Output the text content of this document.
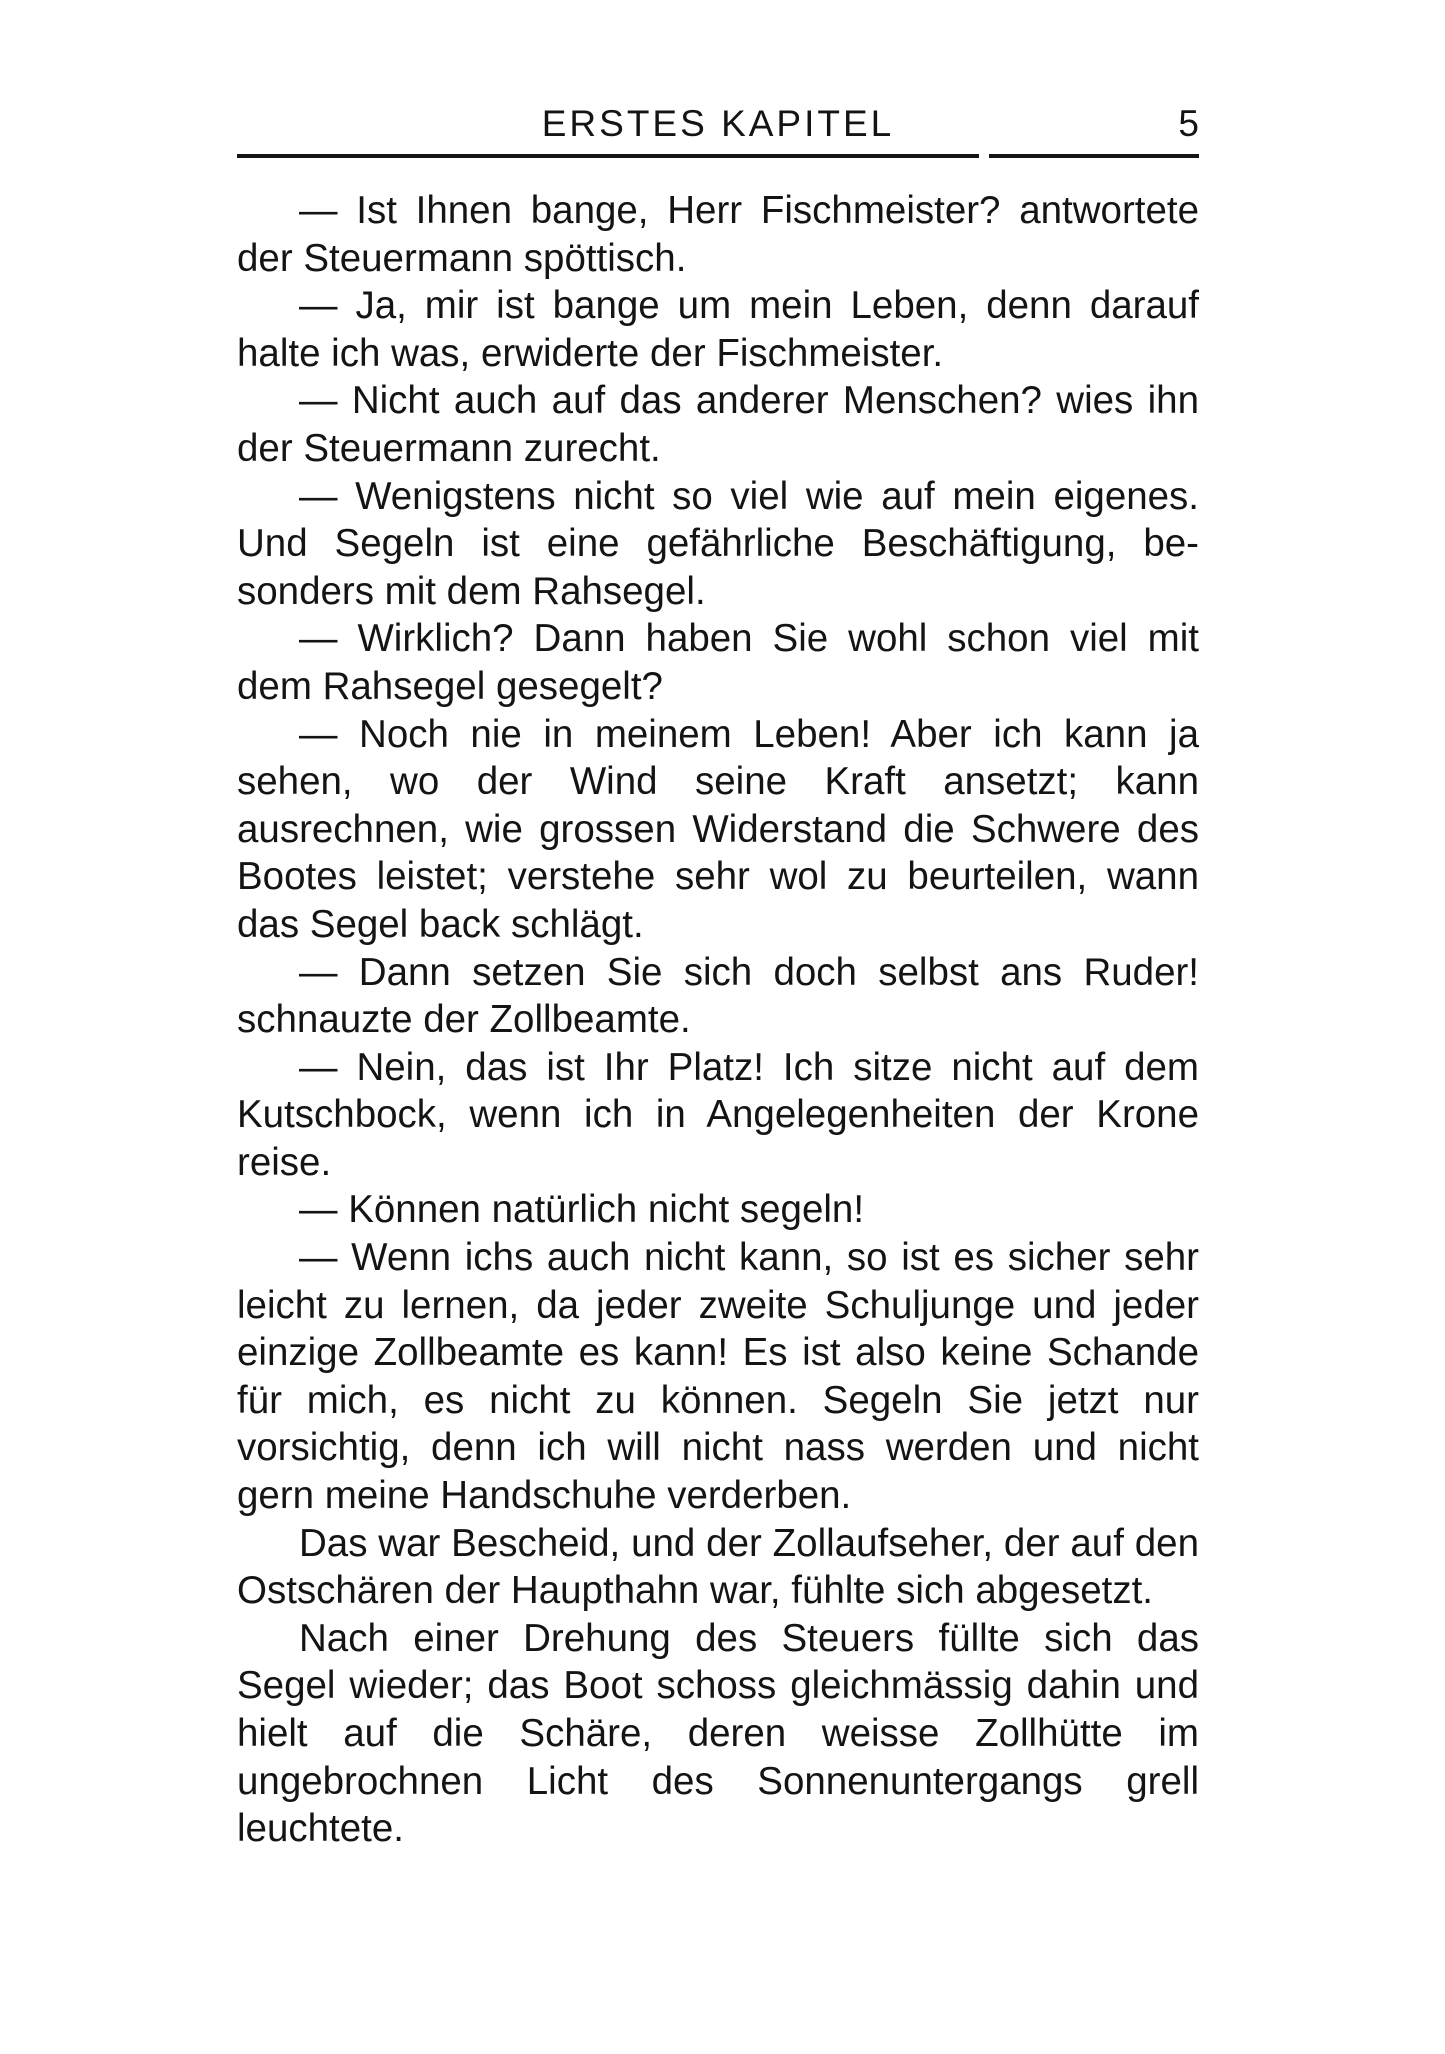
ERSTES KAPITEL	5

— Ist Ihnen bange, Herr Fischmeister? antwortete der Steuermann spöttisch.

— Ja, mir ist bange um mein Leben, denn darauf halte ich was, erwiderte der Fischmeister.

— Nicht auch auf das anderer Menschen? wies ihn der Steuermann zurecht.

— Wenigstens nicht so viel wie auf mein eigenes. Und Segeln ist eine gefährliche Beschäftigung, besonders mit dem Rahsegel.

— Wirklich? Dann haben Sie wohl schon viel mit dem Rahsegel gesegelt?

— Noch nie in meinem Leben! Aber ich kann ja sehen, wo der Wind seine Kraft ansetzt; kann ausrechnen, wie grossen Widerstand die Schwere des Bootes leistet; verstehe sehr wol zu beurteilen, wann das Segel back schlägt.

— Dann setzen Sie sich doch selbst ans Ruder! schnauzte der Zollbeamte.

— Nein, das ist Ihr Platz! Ich sitze nicht auf dem Kutschbock, wenn ich in Angelegenheiten der Krone reise.

— Können natürlich nicht segeln!

— Wenn ichs auch nicht kann, so ist es sicher sehr leicht zu lernen, da jeder zweite Schuljunge und jeder einzige Zollbeamte es kann! Es ist also keine Schande für mich, es nicht zu können. Segeln Sie jetzt nur vorsichtig, denn ich will nicht nass werden und nicht gern meine Handschuhe verderben.

Das war Bescheid, und der Zollaufseher, der auf den Ostschären der Haupthahn war, fühlte sich abgesetzt.

Nach einer Drehung des Steuers füllte sich das Segel wieder; das Boot schoss gleichmässig dahin und hielt auf die Schäre, deren weisse Zollhütte im ungebrochnen Licht des Sonnenuntergangs grell leuchtete.
